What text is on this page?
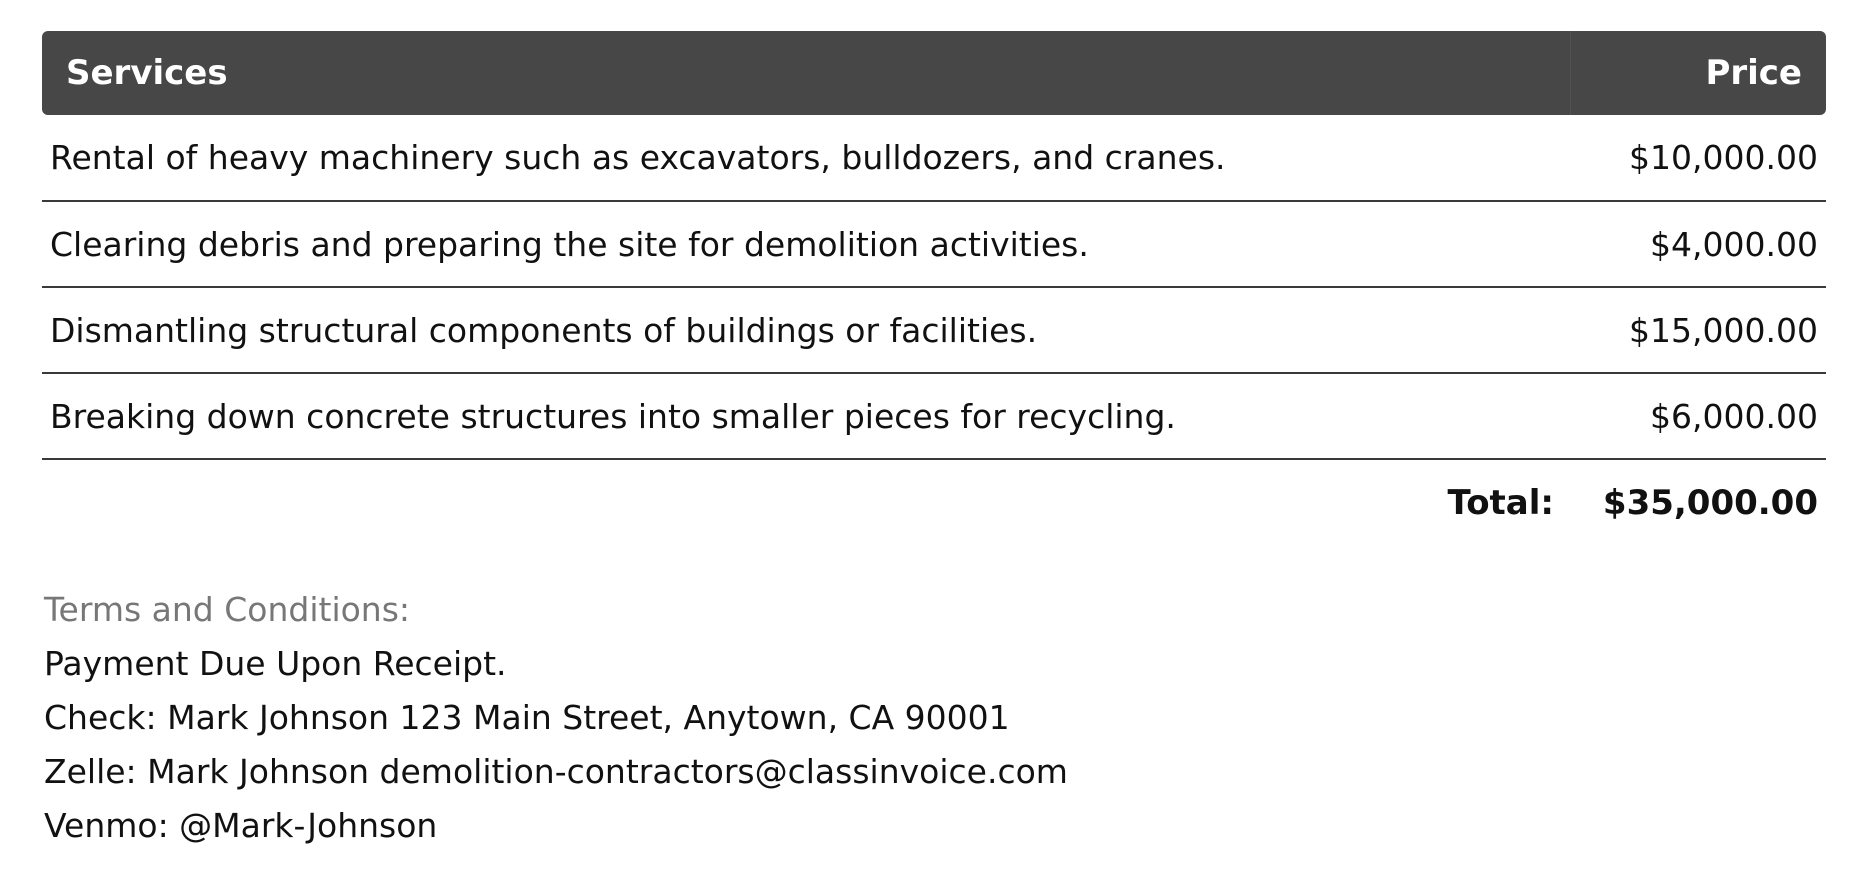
Services	Price
Rental of heavy machinery such as excavators, bulldozers, and cranes.	$10,000.00
Clearing debris and preparing the site for demolition activities.	$4,000.00
Dismantling structural components of buildings or facilities.	$15,000.00
Breaking down concrete structures into smaller pieces for recycling.	$6,000.00
Total:	$35,000.00
Terms and Conditions:
Payment Due Upon Receipt.
Check: Mark Johnson 123 Main Street, Anytown, CA 90001
Zelle: Mark Johnson demolition-contractors@classinvoice.com
Venmo: @Mark-Johnson
